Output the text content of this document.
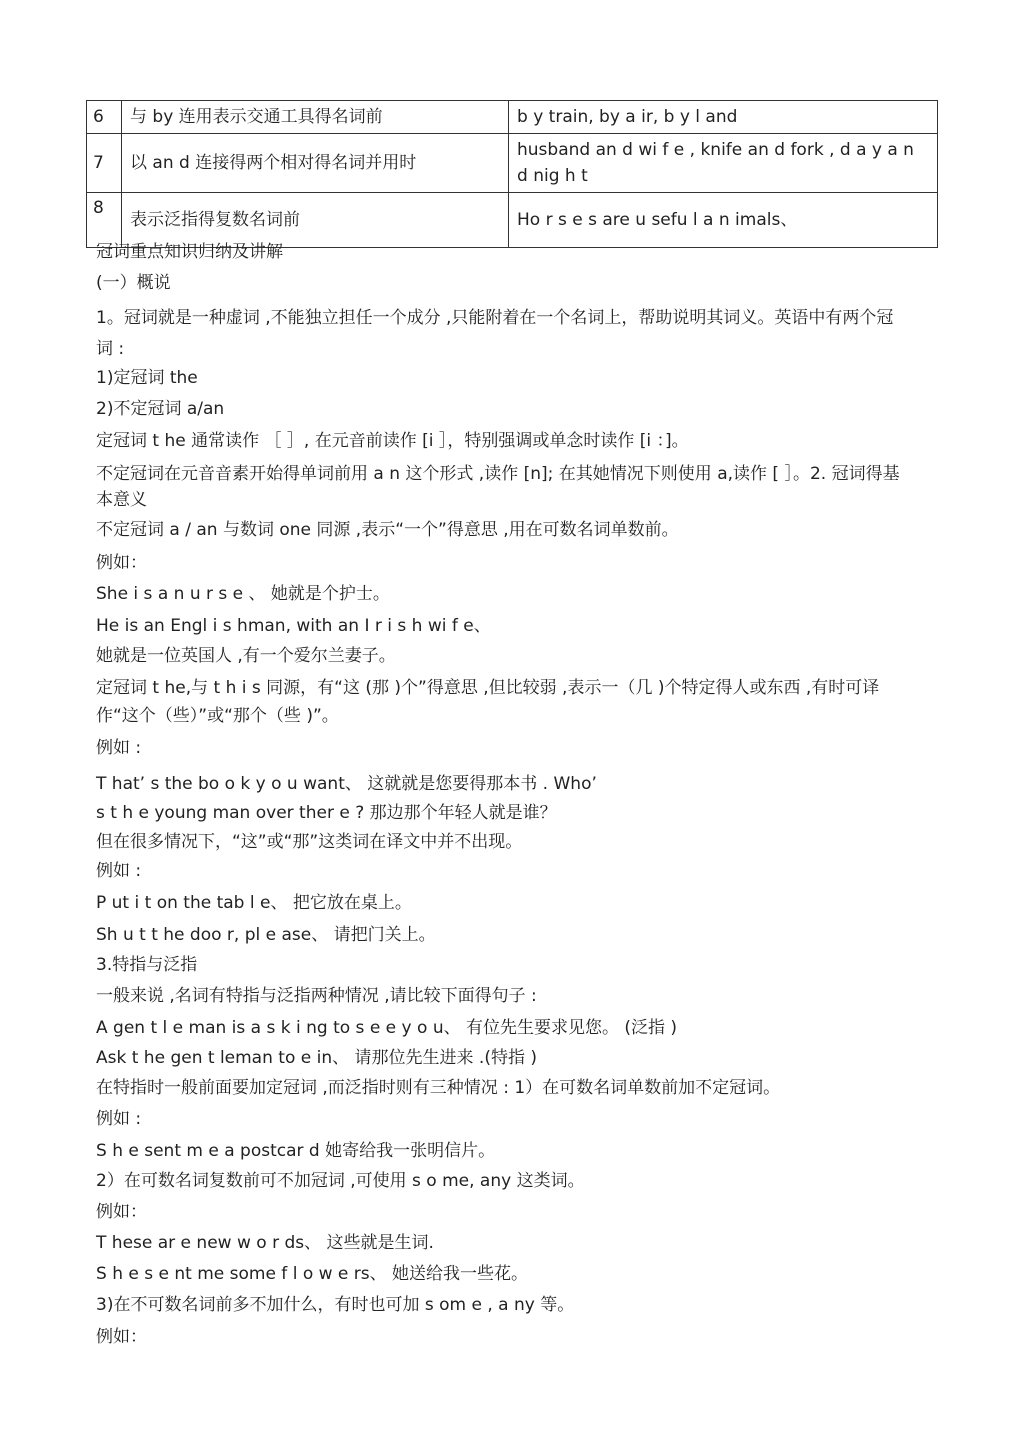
6	与 by 连用表示交通工具得名词前	b y train, by a ir, b y l and
7	以 an d 连接得两个相对得名词并用时	husband an d wi f e , knife an d fork , d a y a n d nig h t
8	表示泛指得复数名词前	Ho r s e s are u sefu l a n imals、
冠词重点知识归纳及讲解
(一）概说
1。冠词就是一种虚词 ,不能独立担任一个成分 ,只能附着在一个名词上，帮助说明其词义。英语中有两个冠词 :
1)定冠词 the
2)不定冠词 a/an
定冠词 t he 通常读作 ［ ］, 在元音前读作 [i ］，特别强调或单念时读作 [i ：]。
不定冠词在元音音素开始得单词前用 a n 这个形式 ,读作 [n]; 在其她情况下则使用 a,读作 [ ］。2. 冠词得基本意义
不定冠词 a / an 与数词 one 同源 ,表示“一个”得意思 ,用在可数名词单数前。
例如：
She i s a n u r s e 、 她就是个护士。
He is an Engl i s hman, with an I r i s h wi f e、
她就是一位英国人 ,有一个爱尔兰妻子。
定冠词 t he,与 t h i s 同源，有“这 (那 )个”得意思 ,但比较弱 ,表示一（几 )个特定得人或东西 ,有时可译作“这个（些）”或“那个（些 )”。
例如 :
T hat’ s the bo o k y o u want、 这就就是您要得那本书 . Who’
s t h e young man over ther e ? 那边那个年轻人就是谁？
但在很多情况下，“这”或“那”这类词在译文中并不出现。
例如 :
P ut i t on the tab l e、 把它放在桌上。
Sh u t t he doo r, pl e ase、 请把门关上。
3.特指与泛指
一般来说 ,名词有特指与泛指两种情况 ,请比较下面得句子 :
A gen t l e man is a s k i ng to s e e y o u、 有位先生要求见您。 (泛指 )
Ask t he gen t leman to e in、 请那位先生进来 .(特指 )
在特指时一般前面要加定冠词 ,而泛指时则有三种情况 : 1）在可数名词单数前加不定冠词。
例如 :
S h e sent m e a postcar d 她寄给我一张明信片。
2）在可数名词复数前可不加冠词 ,可使用 s o me, any 这类词。
例如：
T hese ar e new w o r ds、 这些就是生词.
S h e s e nt me some f l o w e rs、 她送给我一些花。
3)在不可数名词前多不加什么，有时也可加 s om e , a ny 等。
例如：
